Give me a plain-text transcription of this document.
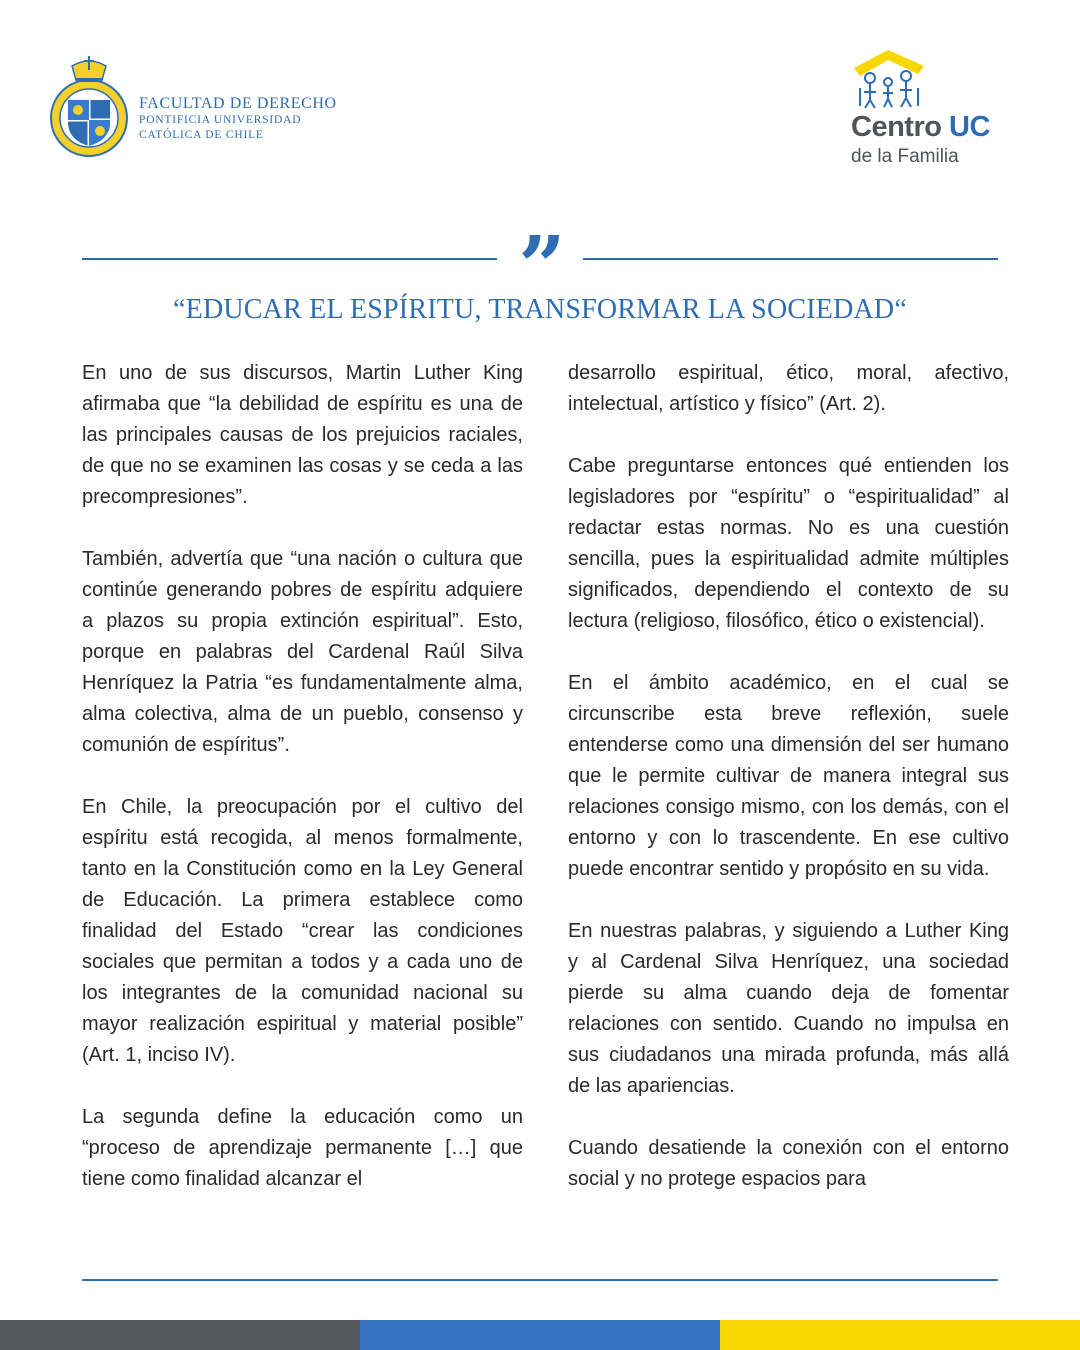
FACULTAD DE DERECHO
PONTIFICIA UNIVERSIDAD
CATÓLICA DE CHILE	Centro UC
de la Familia
”
“EDUCAR EL ESPÍRITU, TRANSFORMAR LA SOCIEDAD“

En uno de sus discursos, Martin Luther King afirmaba que “la debilidad de espíritu es una de las principales causas de los prejuicios raciales, de que no se examinen las cosas y se ceda a las precompresiones”.

También, advertía que “una nación o cultura que continúe generando pobres de espíritu adquiere a plazos su propia extinción espiritual”. Esto, porque en palabras del Cardenal Raúl Silva Henríquez la Patria “es fundamentalmente alma, alma colectiva, alma de un pueblo, consenso y comunión de espíritus”.

En Chile, la preocupación por el cultivo del espíritu está recogida, al menos formalmente, tanto en la Constitución como en la Ley General de Educación. La primera establece como finalidad del Estado “crear las condiciones sociales que permitan a todos y a cada uno de los integrantes de la comunidad nacional su mayor realización espiritual y material posible” (Art. 1, inciso IV).

La segunda define la educación como un “proceso de aprendizaje permanente […] que tiene como finalidad alcanzar el

desarrollo espiritual, ético, moral, afectivo, intelectual, artístico y físico” (Art. 2).

Cabe preguntarse entonces qué entienden los legisladores por “espíritu” o “espiritualidad” al redactar estas normas. No es una cuestión sencilla, pues la espiritualidad admite múltiples significados, dependiendo el contexto de su lectura (religioso, filosófico, ético o existencial).

En el ámbito académico, en el cual se circunscribe esta breve reflexión, suele entenderse como una dimensión del ser humano que le permite cultivar de manera integral sus relaciones consigo mismo, con los demás, con el entorno y con lo trascendente. En ese cultivo puede encontrar sentido y propósito en su vida.

En nuestras palabras, y siguiendo a Luther King y al Cardenal Silva Henríquez, una sociedad pierde su alma cuando deja de fomentar relaciones con sentido. Cuando no impulsa en sus ciudadanos una mirada profunda, más allá de las apariencias.

Cuando desatiende la conexión con el entorno social y no protege espacios para
